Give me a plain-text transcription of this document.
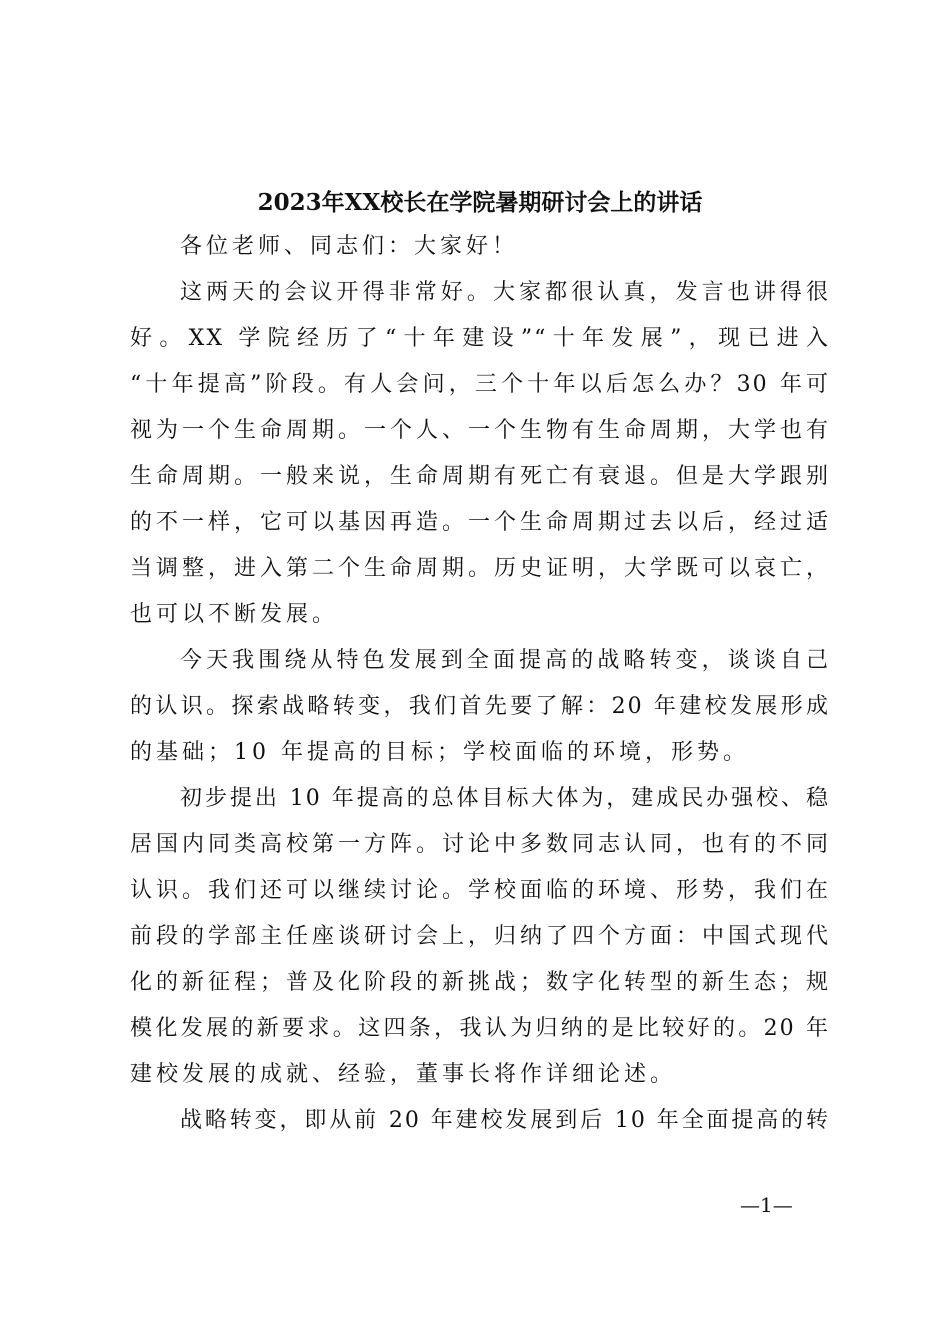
2023年XX校长在学院暑期研讨会上的讲话
各位老师、同志们：大家好！
这两天的会议开得非常好。大家都很认真，发言也讲得很
好。XX 学院经历了“十年建设”“十年发展”，现已进入
“十年提高”阶段。有人会问，三个十年以后怎么办？30 年可
视为一个生命周期。一个人、一个生物有生命周期，大学也有
生命周期。一般来说，生命周期有死亡有衰退。但是大学跟别
的不一样，它可以基因再造。一个生命周期过去以后，经过适
当调整，进入第二个生命周期。历史证明，大学既可以哀亡，
也可以不断发展。
今天我围绕从特色发展到全面提高的战略转变，谈谈自己
的认识。探索战略转变，我们首先要了解：20 年建校发展形成
的基础；10 年提高的目标；学校面临的环境，形势。
初步提出 10 年提高的总体目标大体为，建成民办强校、稳
居国内同类高校第一方阵。讨论中多数同志认同，也有的不同
认识。我们还可以继续讨论。学校面临的环境、形势，我们在
前段的学部主任座谈研讨会上，归纳了四个方面：中国式现代
化的新征程；普及化阶段的新挑战；数字化转型的新生态；规
模化发展的新要求。这四条，我认为归纳的是比较好的。20 年
建校发展的成就、经验，董事长将作详细论述。
战略转变，即从前 20 年建校发展到后 10 年全面提高的转
—1—
